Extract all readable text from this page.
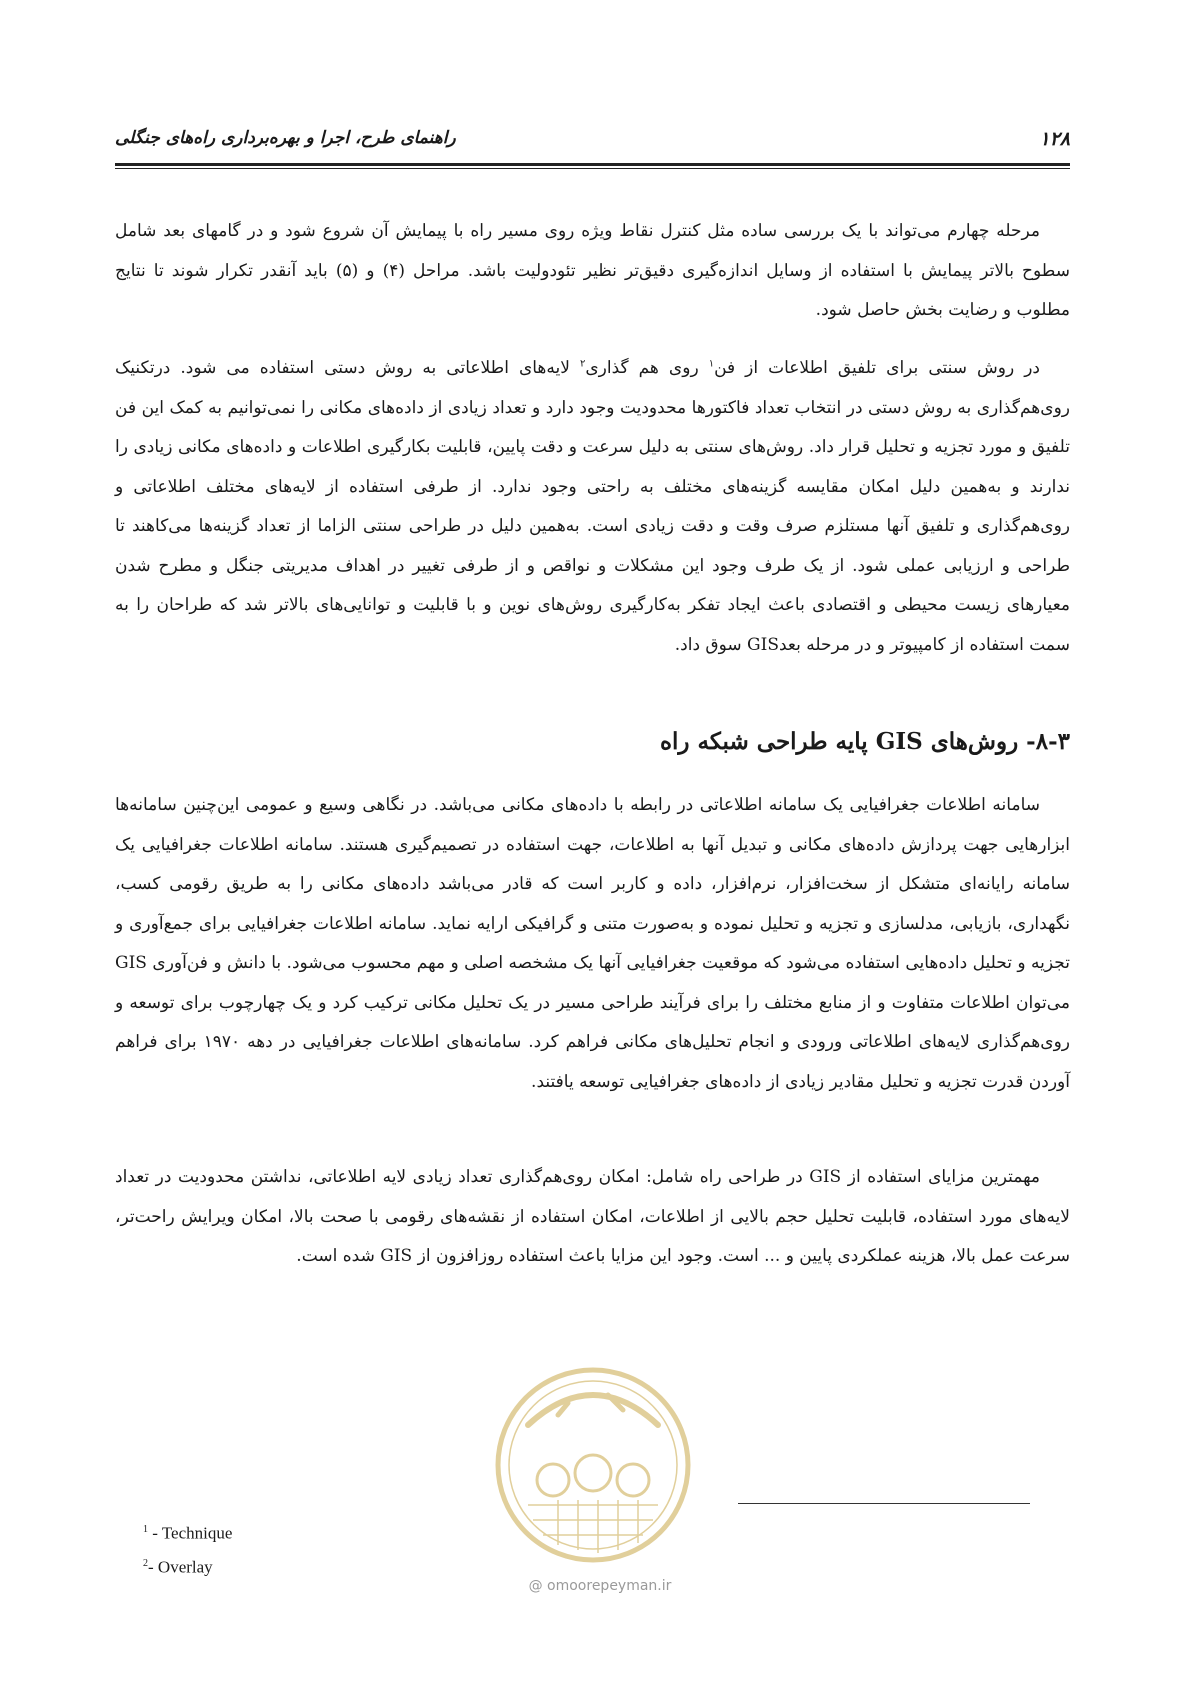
۱۲۸
راهنمای طرح، اجرا و بهره‌برداری راه‌های جنگلی

مرحله چهارم می‌تواند با یک بررسی ساده مثل کنترل نقاط ویژه روی مسیر راه با پیمایش آن شروع شود و در گامهای بعد شامل سطوح بالاتر پیمایش با استفاده از وسایل اندازه‌گیری دقیق‌تر نظیر تئودولیت باشد. مراحل (۴) و (۵) باید آنقدر تکرار شوند تا نتایج مطلوب و رضایت بخش حاصل شود.

در روش سنتی برای تلفیق اطلاعات از فن$^۱$ روی هم گذاری$^۲$ لایه‌های اطلاعاتی به روش دستی استفاده می شود. درتکنیک روی‌هم‌گذاری به روش دستی در انتخاب تعداد فاکتورها محدودیت وجود دارد و تعداد زیادی از داده‌های مکانی را نمی‌توانیم به کمک این فن تلفیق و مورد تجزیه و تحلیل قرار داد. روش‌های سنتی به دلیل سرعت و دقت پایین، قابلیت بکارگیری اطلاعات و داده‌های مکانی زیادی را ندارند و به‌همین دلیل امکان مقایسه گزینه‌های مختلف به راحتی وجود ندارد. از طرفی استفاده از لایه‌های مختلف اطلاعاتی و روی‌هم‌گذاری و تلفیق آنها مستلزم صرف وقت و دقت زیادی است. به‌همین دلیل در طراحی سنتی الزاما از تعداد گزینه‌ها می‌کاهند تا طراحی و ارزیابی عملی شود. از یک طرف وجود این مشکلات و نواقص و از طرفی تغییر در اهداف مدیریتی جنگل و مطرح شدن معیارهای زیست محیطی و اقتصادی باعث ایجاد تفکر به‌کارگیری روش‌های نوین و با قابلیت و توانایی‌های بالاتر شد که طراحان را به سمت استفاده از کامپیوتر و در مرحله بعدGIS سوق داد.

۸-۳- روش‌های GIS پایه طراحی شبکه راه

سامانه اطلاعات جغرافیایی یک سامانه اطلاعاتی در رابطه با داده‌های مکانی می‌باشد. در نگاهی وسیع و عمومی این‌چنین سامانه‌ها ابزارهایی جهت پردازش داده‌های مکانی و تبدیل آنها به اطلاعات، جهت استفاده در تصمیم‌گیری هستند. سامانه اطلاعات جغرافیایی یک سامانه رایانه‌ای متشکل از سخت‌افزار، نرم‌افزار، داده و کاربر است که قادر می‌باشد داده‌های مکانی را به طریق رقومی کسب، نگهداری، بازیابی، مدلسازی و تجزیه و تحلیل نموده و به‌صورت متنی و گرافیکی ارایه نماید. سامانه اطلاعات جغرافیایی برای جمع‌آوری و تجزیه و تحلیل داده‌هایی استفاده می‌شود که موقعیت جغرافیایی آنها یک مشخصه اصلی و مهم محسوب می‌شود. با دانش و فن‌آوری GIS می‌توان اطلاعات متفاوت و از منابع مختلف را برای فرآیند طراحی مسیر در یک تحلیل مکانی ترکیب کرد و یک چهارچوب برای توسعه و روی‌هم‌گذاری لایه‌های اطلاعاتی ورودی و انجام تحلیل‌های مکانی فراهم کرد. سامانه‌های اطلاعات جغرافیایی در دهه ۱۹۷۰ برای فراهم آوردن قدرت تجزیه و تحلیل مقادیر زیادی از داده‌های جغرافیایی توسعه یافتند.

مهمترین مزایای استفاده از GIS در طراحی راه شامل: امکان روی‌هم‌گذاری تعداد زیادی لایه اطلاعاتی، نداشتن محدودیت در تعداد لایه‌های مورد استفاده، قابلیت تحلیل حجم بالایی از اطلاعات، امکان استفاده از نقشه‌های رقومی با صحت بالا، امکان ویرایش راحت‌تر، سرعت عمل بالا، هزینه عملکردی پایین و ... است. وجود این مزایا باعث استفاده روزافزون از GIS شده است.

@ omoorepeyman.ir
$^1$ - Technique
$^2$- Overlay
